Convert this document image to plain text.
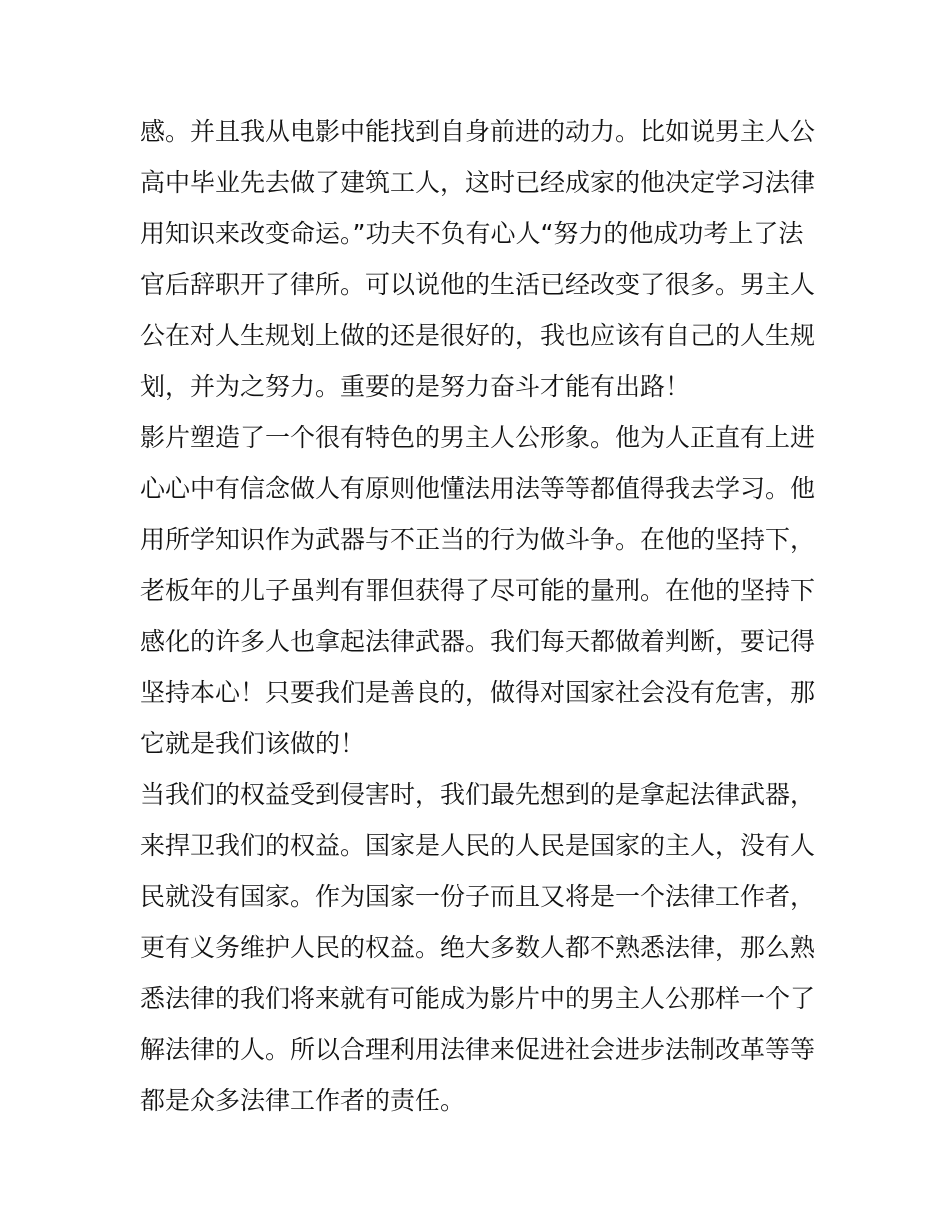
感。并且我从电影中能找到自身前进的动力。比如说男主人公
高中毕业先去做了建筑工人，这时已经成家的他决定学习法律
用知识来改变命运。”功夫不负有心人“努力的他成功考上了法
官后辞职开了律所。可以说他的生活已经改变了很多。男主人
公在对人生规划上做的还是很好的，我也应该有自己的人生规
划，并为之努力。重要的是努力奋斗才能有出路！
影片塑造了一个很有特色的男主人公形象。他为人正直有上进
心心中有信念做人有原则他懂法用法等等都值得我去学习。他
用所学知识作为武器与不正当的行为做斗争。在他的坚持下，
老板年的儿子虽判有罪但获得了尽可能的量刑。在他的坚持下
感化的许多人也拿起法律武器。我们每天都做着判断，要记得
坚持本心！只要我们是善良的，做得对国家社会没有危害，那
它就是我们该做的！
当我们的权益受到侵害时，我们最先想到的是拿起法律武器，
来捍卫我们的权益。国家是人民的人民是国家的主人，没有人
民就没有国家。作为国家一份子而且又将是一个法律工作者，
更有义务维护人民的权益。绝大多数人都不熟悉法律，那么熟
悉法律的我们将来就有可能成为影片中的男主人公那样一个了
解法律的人。所以合理利用法律来促进社会进步法制改革等等
都是众多法律工作者的责任。
